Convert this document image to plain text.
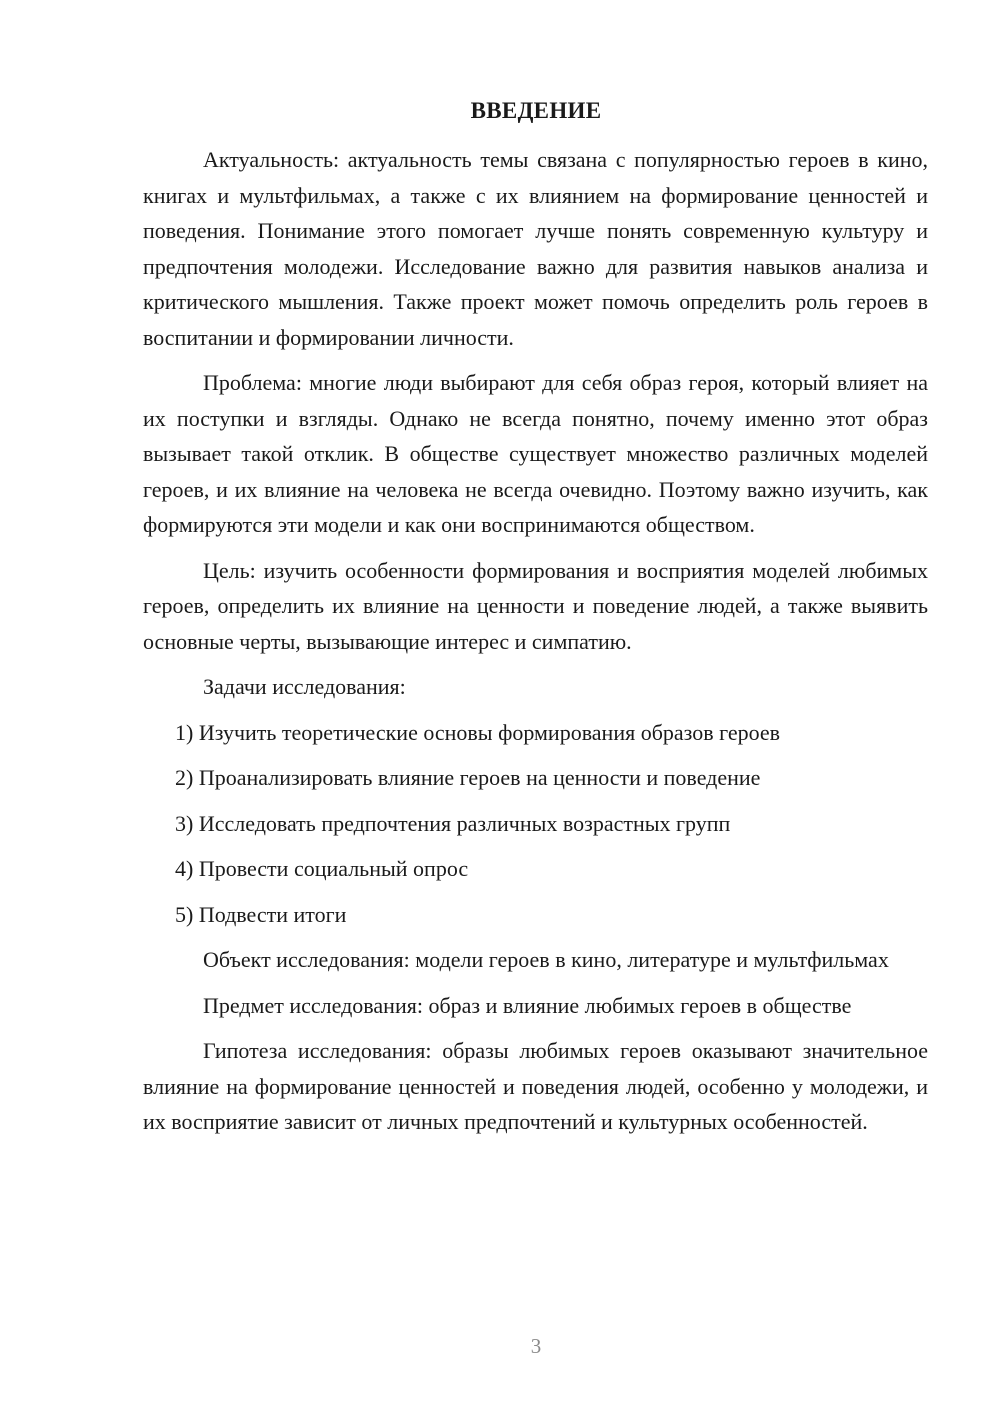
ВВЕДЕНИЕ

Актуальность: актуальность темы связана с популярностью героев в кино, книгах и мультфильмах, а также с их влиянием на формирование ценностей и поведения. Понимание этого помогает лучше понять современную культуру и предпочтения молодежи. Исследование важно для развития навыков анализа и критического мышления. Также проект может помочь определить роль героев в воспитании и формировании личности.

Проблема: многие люди выбирают для себя образ героя, который влияет на их поступки и взгляды. Однако не всегда понятно, почему именно этот образ вызывает такой отклик. В обществе существует множество различных моделей героев, и их влияние на человека не всегда очевидно. Поэтому важно изучить, как формируются эти модели и как они воспринимаются обществом.

Цель: изучить особенности формирования и восприятия моделей любимых героев, определить их влияние на ценности и поведение людей, а также выявить основные черты, вызывающие интерес и симпатию.

Задачи исследования:

1) Изучить теоретические основы формирования образов героев
2) Проанализировать влияние героев на ценности и поведение
3) Исследовать предпочтения различных возрастных групп
4) Провести социальный опрос
5) Подвести итоги

Объект исследования: модели героев в кино, литературе и мультфильмах

Предмет исследования: образ и влияние любимых героев в обществе

Гипотеза исследования: образы любимых героев оказывают значительное влияние на формирование ценностей и поведения людей, особенно у молодежи, и их восприятие зависит от личных предпочтений и культурных особенностей.

3
